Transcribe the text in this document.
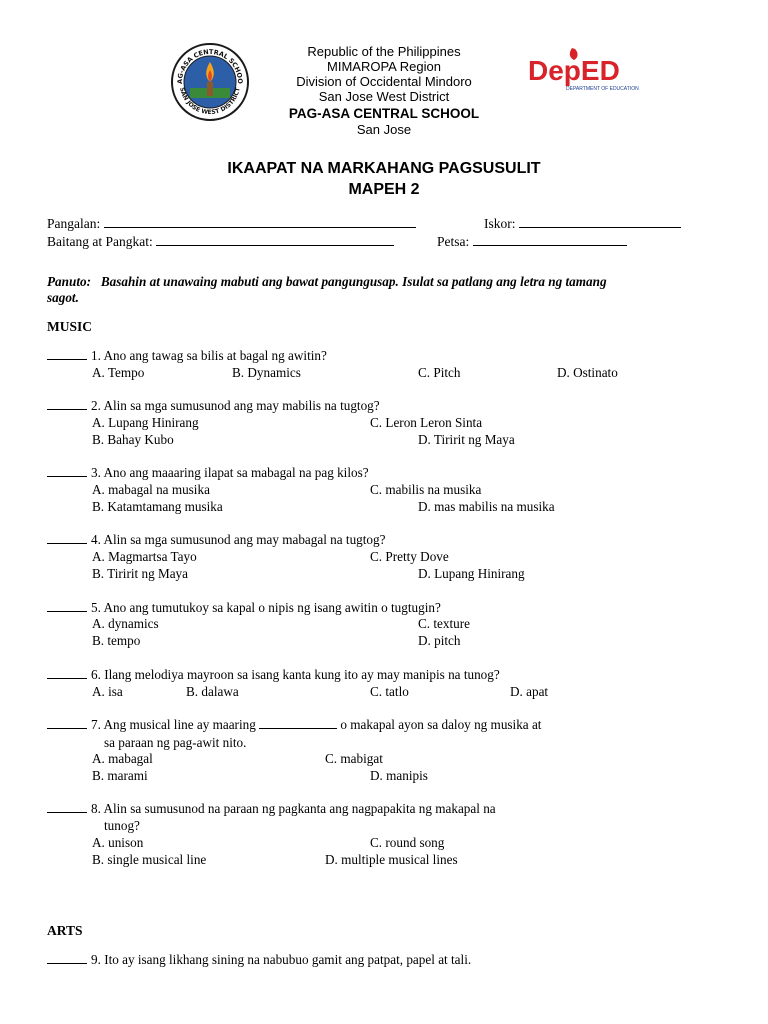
AG-ASA CENTRAL SCHOO
SAN JOSE WEST DISTRICT
DepED
DEPARTMENT OF EDUCATION
Republic of the Philippines
MIMAROPA Region
Division of Occidental Mindoro
San Jose West District
PAG-ASA CENTRAL SCHOOL
San Jose
IKAAPAT NA MARKAHANG PAGSUSULIT
MAPEH 2
Pangalan:	Iskor:
Baitang at Pangkat:	Petsa:
Panuto: Basahin at unawaing mabuti ang bawat pangungusap. Isulat sa patlang ang letra ng tamang
sagot.
MUSIC
1. Ano ang tawag sa bilis at bagal ng awitin?
A. Tempo	B. Dynamics	C. Pitch	D. Ostinato
2. Alin sa mga sumusunod ang may mabilis na tugtog?
A. Lupang Hinirang
B. Bahay Kubo
C. Leron Leron Sinta
D. Tiririt ng Maya
3. Ano ang maaaring ilapat sa mabagal na pag kilos?
A. mabagal na musika
B. Katamtamang musika
C. mabilis na musika
D. mas mabilis na musika
4. Alin sa mga sumusunod ang may mabagal na tugtog?
A. Magmartsa Tayo
B. Tiririt ng Maya
C. Pretty Dove
D. Lupang Hinirang
5. Ano ang tumutukoy sa kapal o nipis ng isang awitin o tugtugin?
A. dynamics
B. tempo
C. texture
D. pitch
6. Ilang melodiya mayroon sa isang kanta kung ito ay may manipis na tunog?
A. isa	B. dalawa	C. tatlo	D. apat
7. Ang musical line ay maaring	o makapal ayon sa daloy ng musika at
sa paraan ng pag-awit nito.
A. mabagal
B. marami
C. mabigat
D. manipis
8. Alin sa sumusunod na paraan ng pagkanta ang nagpapakita ng makapal na
tunog?
A. unison
B. single musical line
C. round song
D. multiple musical lines
ARTS
9. Ito ay isang likhang sining na nabubuo gamit ang patpat, papel at tali.
